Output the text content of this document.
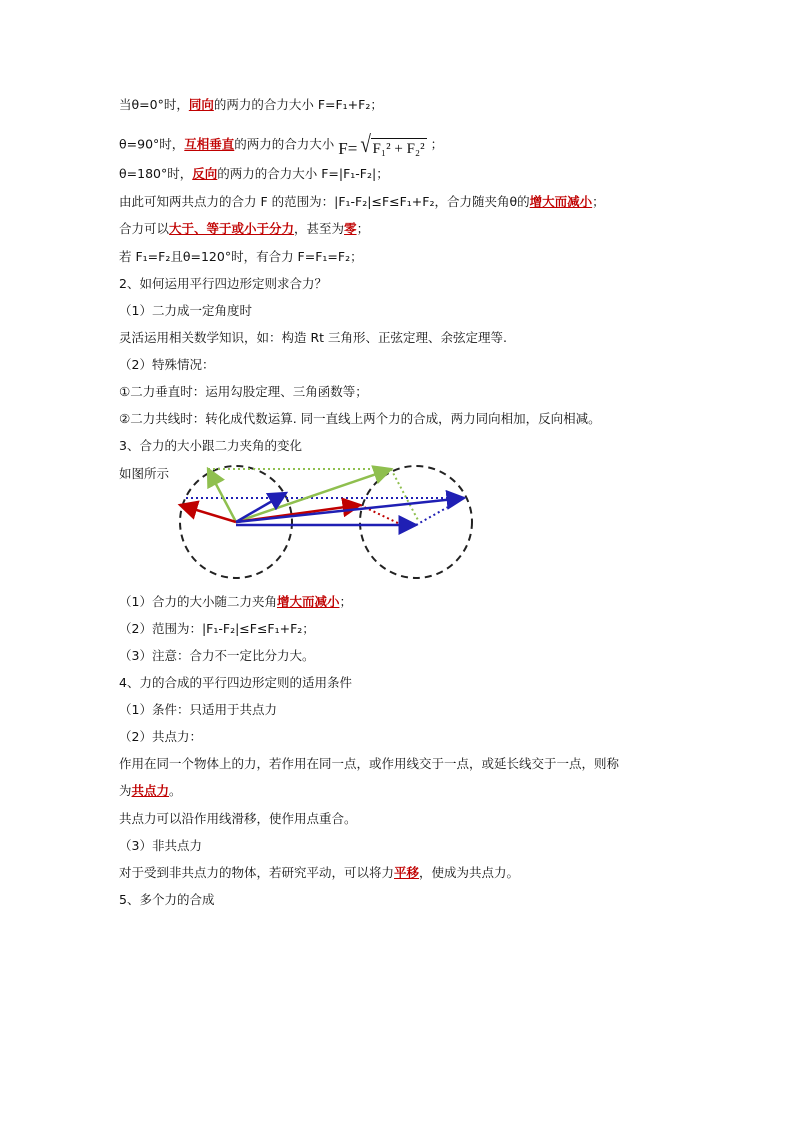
当θ=0°时，同向的两力的合力大小 F=F₁+F₂；
θ=90°时，互相垂直的两力的合力大小 F= √ F₁² + F₂² ；
θ=180°时，反向的两力的合力大小 F=|F₁-F₂|；
由此可知两共点力的合力 F 的范围为：|F₁-F₂|≤F≤F₁+F₂，合力随夹角θ的增大而减小；
合力可以大于、等于或小于分力，甚至为零；
若 F₁=F₂且θ=120°时，有合力 F=F₁=F₂；
2、如何运用平行四边形定则求合力？
（1）二力成一定角度时
灵活运用相关数学知识，如：构造 Rt 三角形、正弦定理、余弦定理等.
（2）特殊情况：
①二力垂直时：运用勾股定理、三角函数等；
②二力共线时：转化成代数运算. 同一直线上两个力的合成，两力同向相加，反向相减。
3、合力的大小跟二力夹角的变化
如图所示
（1）合力的大小随二力夹角增大而减小；
（2）范围为：|F₁-F₂|≤F≤F₁+F₂；
（3）注意：合力不一定比分力大。
4、力的合成的平行四边形定则的适用条件
（1）条件：只适用于共点力
（2）共点力：
作用在同一个物体上的力，若作用在同一点，或作用线交于一点，或延长线交于一点，则称
为共点力。
共点力可以沿作用线滑移，使作用点重合。
（3）非共点力
对于受到非共点力的物体，若研究平动，可以将力平移，使成为共点力。
5、多个力的合成
